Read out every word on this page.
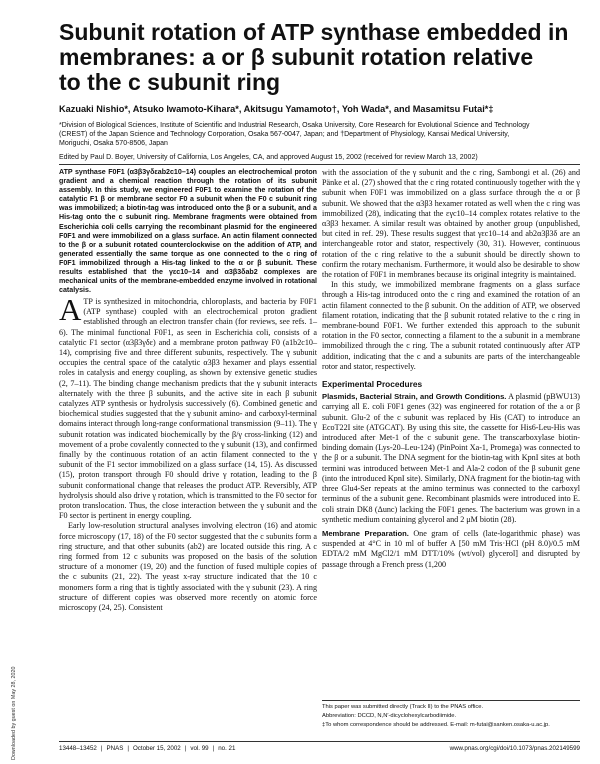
Subunit rotation of ATP synthase embedded in
membranes: a or β subunit rotation relative
to the c subunit ring
Kazuaki Nishio*, Atsuko Iwamoto-Kihara*, Akitsugu Yamamoto†, Yoh Wada*, and Masamitsu Futai*‡
*Division of Biological Sciences, Institute of Scientific and Industrial Research, Osaka University, Core Research for Evolutional Science and Technology
(CREST) of the Japan Science and Technology Corporation, Osaka 567-0047, Japan; and †Department of Physiology, Kansai Medical University,
Moriguchi, Osaka 570-8506, Japan
Edited by Paul D. Boyer, University of California, Los Angeles, CA, and approved August 15, 2002 (received for review March 13, 2002)
ATP synthase F0F1 (α3β3γδεab2c10–14) couples an electrochemical proton gradient and a chemical reaction through the rotation of its subunit assembly. In this study, we engineered F0F1 to examine the rotation of the catalytic F1 β or membrane sector F0 a subunit when the F0 c subunit ring was immobilized; a biotin-tag was introduced onto the β or a subunit, and a His-tag onto the c subunit ring. Membrane fragments were obtained from Escherichia coli cells carrying the recombinant plasmid for the engineered F0F1 and were immobilized on a glass surface. An actin filament connected to the β or a subunit rotated counterclockwise on the addition of ATP, and generated essentially the same torque as one connected to the c ring of F0F1 immobilized through a His-tag linked to the α or β subunit. These results established that the γεc10–14 and α3β3δab2 complexes are mechanical units of the membrane-embedded enzyme involved in rotational catalysis.

ATP is synthesized in mitochondria, chloroplasts, and bacteria by F0F1 (ATP synthase) coupled with an electrochemical proton gradient established through an electron transfer chain (for reviews, see refs. 1–6). The minimal functional F0F1, as seen in Escherichia coli, consists of a catalytic F1 sector (α3β3γδε) and a membrane proton pathway F0 (a1b2c10–14), comprising five and three different subunits, respectively. The γ subunit occupies the central space of the catalytic α3β3 hexamer and plays essential roles in catalysis and energy coupling, as shown by extensive genetic studies (2, 7–11). The binding change mechanism predicts that the γ subunit interacts alternately with the three β subunits, and the active site in each β subunit catalyzes ATP synthesis or hydrolysis successively (6). Combined genetic and biochemical studies suggested that the γ subunit amino- and carboxyl-terminal domains interact through long-range conformational transmission (9–11). The γ subunit rotation was indicated biochemically by the β/γ cross-linking (12) and movement of a probe covalently connected to the γ subunit (13), and confirmed finally by the continuous rotation of an actin filament connected to the γ subunit of the F1 sector immobilized on a glass surface (14, 15). As discussed (15), proton transport through F0 should drive γ rotation, leading to the β subunit conformational change that releases the product ATP. Reversibly, ATP hydrolysis should also drive γ rotation, which is transmitted to the F0 sector for proton translocation. Thus, the close interaction between the γ subunit and the F0 sector is pertinent in energy coupling.

Early low-resolution structural analyses involving electron (16) and atomic force microscopy (17, 18) of the F0 sector suggested that the c subunits form a ring structure, and that other subunits (ab2) are located outside this ring. A c ring formed from 12 c subunits was proposed on the basis of the solution structure of a monomer (19, 20) and the function of fused multiple copies of the c subunits (21, 22). The yeast x-ray structure indicated that the 10 c monomers form a ring that is tightly associated with the γ subunit (23). A ring structure of different copies was observed more recently on atomic force microscopy (24, 25). Consistent

with the association of the γ subunit and the c ring, Sambongi et al. (26) and Pänke et al. (27) showed that the c ring rotated continuously together with the γ subunit when F0F1 was immobilized on a glass surface through the α or β subunit. We showed that the α3β3 hexamer rotated as well when the c ring was immobilized (28), indicating that the εγc10–14 complex rotates relative to the α3β3 hexamer. A similar result was obtained by another group (unpublished, but cited in ref. 29). These results suggest that γεc10–14 and ab2α3β3δ are an interchangeable rotor and stator, respectively (30, 31). However, continuous rotation of the c ring relative to the a subunit should be directly shown to confirm the rotary mechanism. Furthermore, it would also be desirable to show the rotation of F0F1 in membranes because its original integrity is maintained.

In this study, we immobilized membrane fragments on a glass surface through a His-tag introduced onto the c ring and examined the rotation of an actin filament connected to the β subunit. On the addition of ATP, we observed filament rotation, indicating that the β subunit rotated relative to the c ring in membrane-bound F0F1. We further extended this approach to the subunit rotation in the F0 sector, connecting a filament to the a subunit in a membrane immobilized through the c ring. The a subunit rotated continuously after ATP addition, indicating that the c and a subunits are parts of the interchangeable rotor and stator, respectively.

Experimental Procedures

Plasmids, Bacterial Strain, and Growth Conditions. A plasmid (pBWU13) carrying all E. coli F0F1 genes (32) was engineered for rotation of the a or β subunit. Glu-2 of the c subunit was replaced by His (CAT) to introduce an EcoT22I site (ATGCAT). By using this site, the cassette for His6-Leu-His was introduced after Met-1 of the c subunit gene. The transcarboxylase biotin-binding domain (Lys-20–Leu-124) (PinPoint Xa-1, Promega) was connected to the β or a subunit. The DNA segment for the biotin-tag with KpnI sites at both termini was introduced between Met-1 and Ala-2 codon of the β subunit gene (into the introduced KpnI site). Similarly, DNA fragment for the biotin-tag with three Glu4-Ser repeats at the amino terminus was connected to the carboxyl terminus of the a subunit gene. Recombinant plasmids were introduced into E. coli strain DK8 (Δunc) lacking the F0F1 genes. The bacterium was grown in a synthetic medium containing glycerol and 2 μM biotin (28).

Membrane Preparation. One gram of cells (late-logarithmic phase) was suspended at 4°C in 10 ml of buffer A [50 mM Tris·HCl (pH 8.0)/0.5 mM EDTA/2 mM MgCl2/1 mM DTT/10% (wt/vol) glycerol] and disrupted by passage through a French press (1,200

This paper was submitted directly (Track II) to the PNAS office.
Abbreviation: DCCD, N,N′-dicyclohexylcarbodiimide.
‡To whom correspondence should be addressed. E-mail: m-futai@sanken.osaka-u.ac.jp.
13448–13452 | PNAS | October 15, 2002 | vol. 99 | no. 21	www.pnas.org/cgi/doi/10.1073/pnas.202149599
Downloaded by guest on May 28, 2020
